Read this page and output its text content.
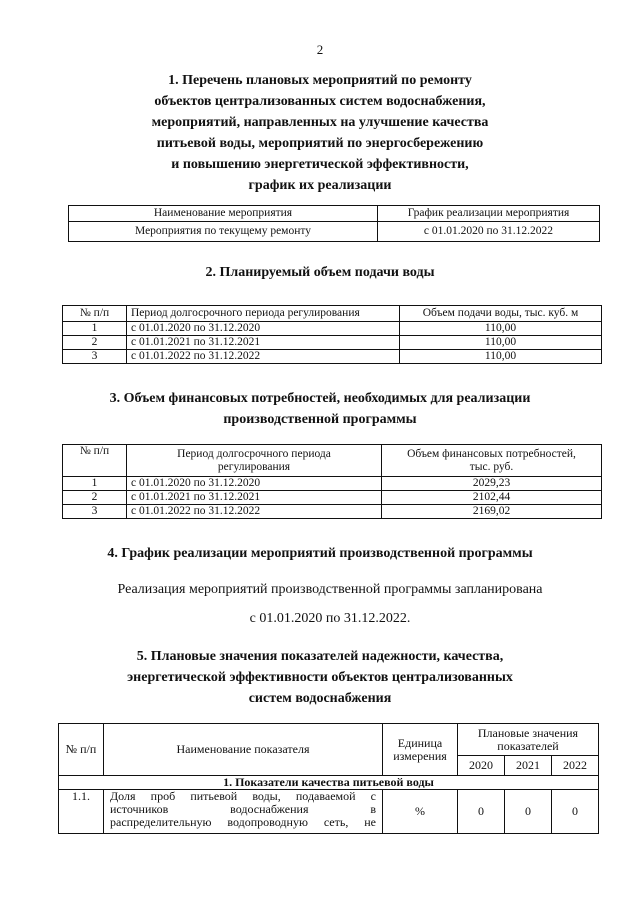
2
1. Перечень плановых мероприятий по ремонту
объектов централизованных систем водоснабжения,
мероприятий, направленных на улучшение качества
питьевой воды, мероприятий по энергосбережению
и повышению энергетической эффективности,
график их реализации
Наименование мероприятия	График реализации мероприятия
Мероприятия по текущему ремонту	с 01.01.2020 по 31.12.2022
2. Планируемый объем подачи воды
№ п/п	Период долгосрочного периода регулирования	Объем подачи воды, тыс. куб. м
1	с 01.01.2020 по 31.12.2020	110,00
2	с 01.01.2021 по 31.12.2021	110,00
3	с 01.01.2022 по 31.12.2022	110,00
3. Объем финансовых потребностей, необходимых для реализации
производственной программы
№ п/п	Период долгосрочного периода регулирования	Объем финансовых потребностей, тыс. руб.
1	с 01.01.2020 по 31.12.2020	2029,23
2	с 01.01.2021 по 31.12.2021	2102,44
3	с 01.01.2022 по 31.12.2022	2169,02
4. График реализации мероприятий производственной программы
Реализация мероприятий производственной программы запланирована
с 01.01.2020 по 31.12.2022.
5. Плановые значения показателей надежности, качества,
энергетической эффективности объектов централизованных
систем водоснабжения
№ п/п	Наименование показателя	Единица измерения	Плановые значения показателей		
			2020	2021	2022
1. Показатели качества питьевой воды					
1.1.	Доля проб питьевой воды, подаваемой с
источников водоснабжения в
распределительную водопроводную сеть, не	%	0	0	0
